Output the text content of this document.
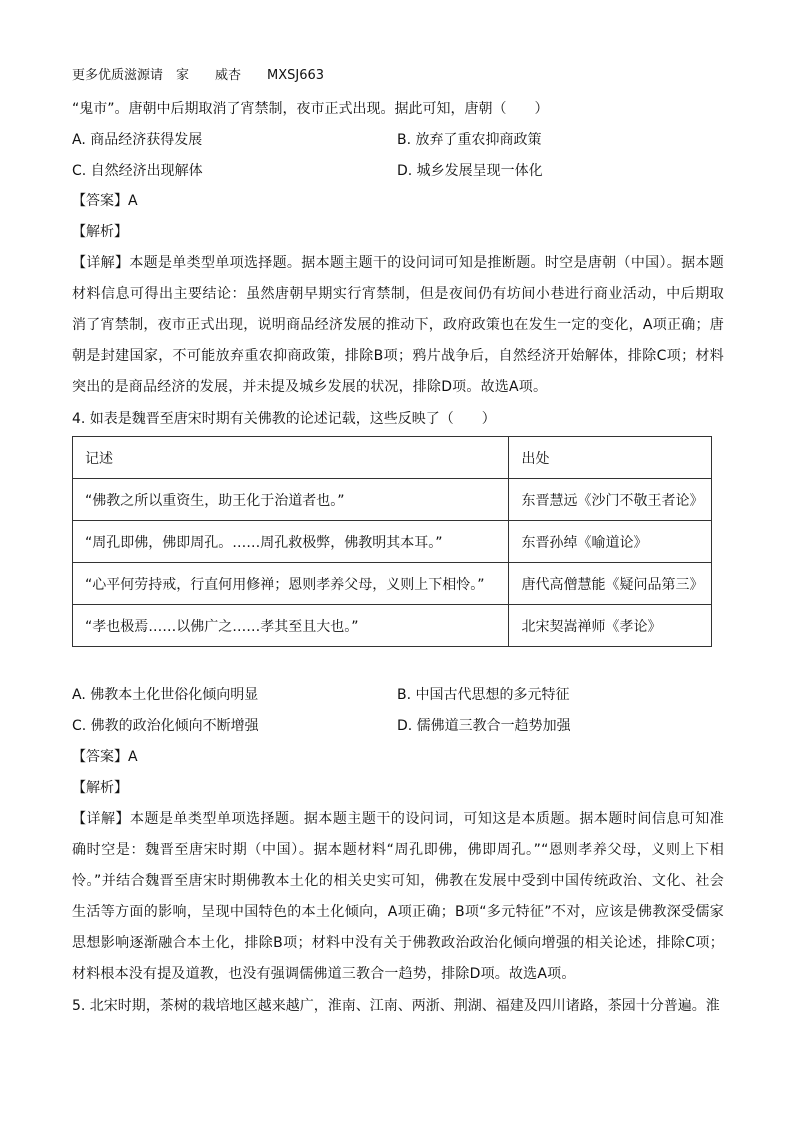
更多优质滋源请　家　　威杏　　MXSJ663
“鬼市”。唐朝中后期取消了宵禁制，夜市正式出现。据此可知，唐朝（　　）
A. 商品经济获得发展	B. 放弃了重农抑商政策
C. 自然经济出现解体	D. 城乡发展呈现一体化
【答案】A
【解析】
【详解】本题是单类型单项选择题。据本题主题干的设问词可知是推断题。时空是唐朝（中国）。据本题材料信息可得出主要结论：虽然唐朝早期实行宵禁制，但是夜间仍有坊间小巷进行商业活动，中后期取消了宵禁制，夜市正式出现，说明商品经济发展的推动下，政府政策也在发生一定的变化，A项正确；唐朝是封建国家，不可能放弃重农抑商政策，排除B项；鸦片战争后，自然经济开始解体，排除C项；材料突出的是商品经济的发展，并未提及城乡发展的状况，排除D项。故选A项。
4. 如表是魏晋至唐宋时期有关佛教的论述记载，这些反映了（　　）
记述	出处
“佛教之所以重资生，助王化于治道者也。”	东晋慧远《沙门不敬王者论》
“周孔即佛，佛即周孔。……周孔救极弊，佛教明其本耳。”	东晋孙绰《喻道论》
“心平何劳持戒，行直何用修禅；恩则孝养父母，义则上下相怜。”	唐代高僧慧能《疑问品第三》
“孝也极焉……以佛广之……孝其至且大也。”	北宋契嵩禅师《孝论》
A. 佛教本土化世俗化倾向明显	B. 中国古代思想的多元特征
C. 佛教的政治化倾向不断增强	D. 儒佛道三教合一趋势加强
【答案】A
【解析】
【详解】本题是单类型单项选择题。据本题主题干的设问词，可知这是本质题。据本题时间信息可知准确时空是：魏晋至唐宋时期（中国）。据本题材料“周孔即佛，佛即周孔。”“恩则孝养父母，义则上下相怜。”并结合魏晋至唐宋时期佛教本土化的相关史实可知，佛教在发展中受到中国传统政治、文化、社会生活等方面的影响，呈现中国特色的本土化倾向，A项正确；B项“多元特征”不对，应该是佛教深受儒家思想影响逐渐融合本土化，排除B项；材料中没有关于佛教政治政治化倾向增强的相关论述，排除C项；材料根本没有提及道教，也没有强调儒佛道三教合一趋势，排除D项。故选A项。
5. 北宋时期，茶树的栽培地区越来越广，淮南、江南、两浙、荆湖、福建及四川诸路，茶园十分普遍。淮
